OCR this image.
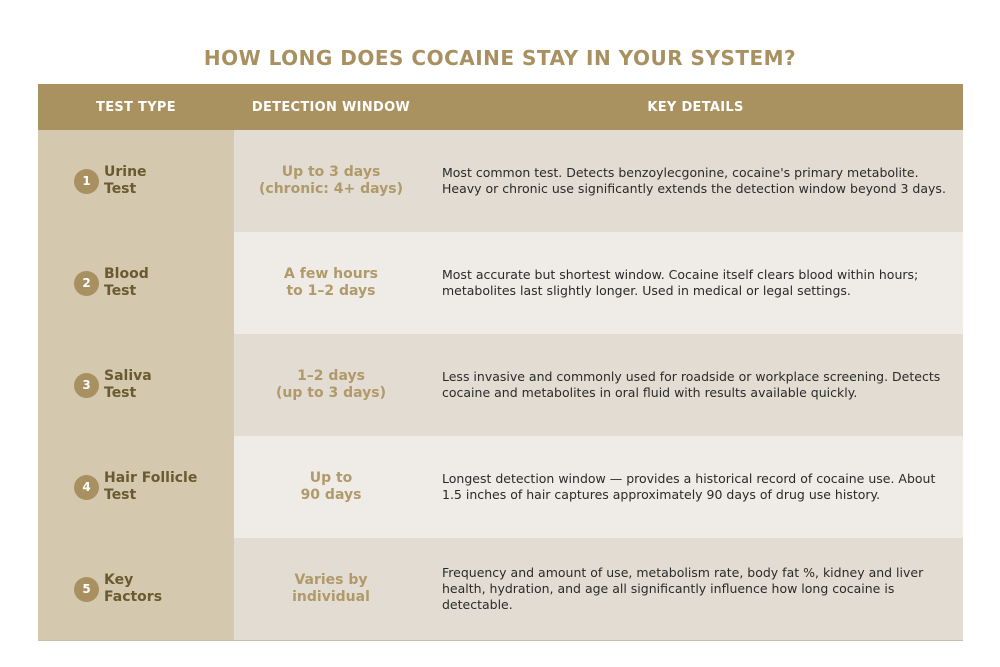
HOW LONG DOES COCAINE STAY IN YOUR SYSTEM?
TEST TYPE	DETECTION WINDOW	KEY DETAILS
1
Urine
Test
Up to 3 days
(chronic: 4+ days)
Most common test. Detects benzoylecgonine, cocaine's primary metabolite. Heavy or chronic use significantly extends the detection window beyond 3 days.
2
Blood
Test
A few hours
to 1–2 days
Most accurate but shortest window. Cocaine itself clears blood within hours; metabolites last slightly longer. Used in medical or legal settings.
3
Saliva
Test
1–2 days
(up to 3 days)
Less invasive and commonly used for roadside or workplace screening. Detects cocaine and metabolites in oral fluid with results available quickly.
4
Hair Follicle
Test
Up to
90 days
Longest detection window — provides a historical record of cocaine use. About 1.5 inches of hair captures approximately 90 days of drug use history.
5
Key
Factors
Varies by
individual
Frequency and amount of use, metabolism rate, body fat %, kidney and liver health, hydration, and age all significantly influence how long cocaine is detectable.
